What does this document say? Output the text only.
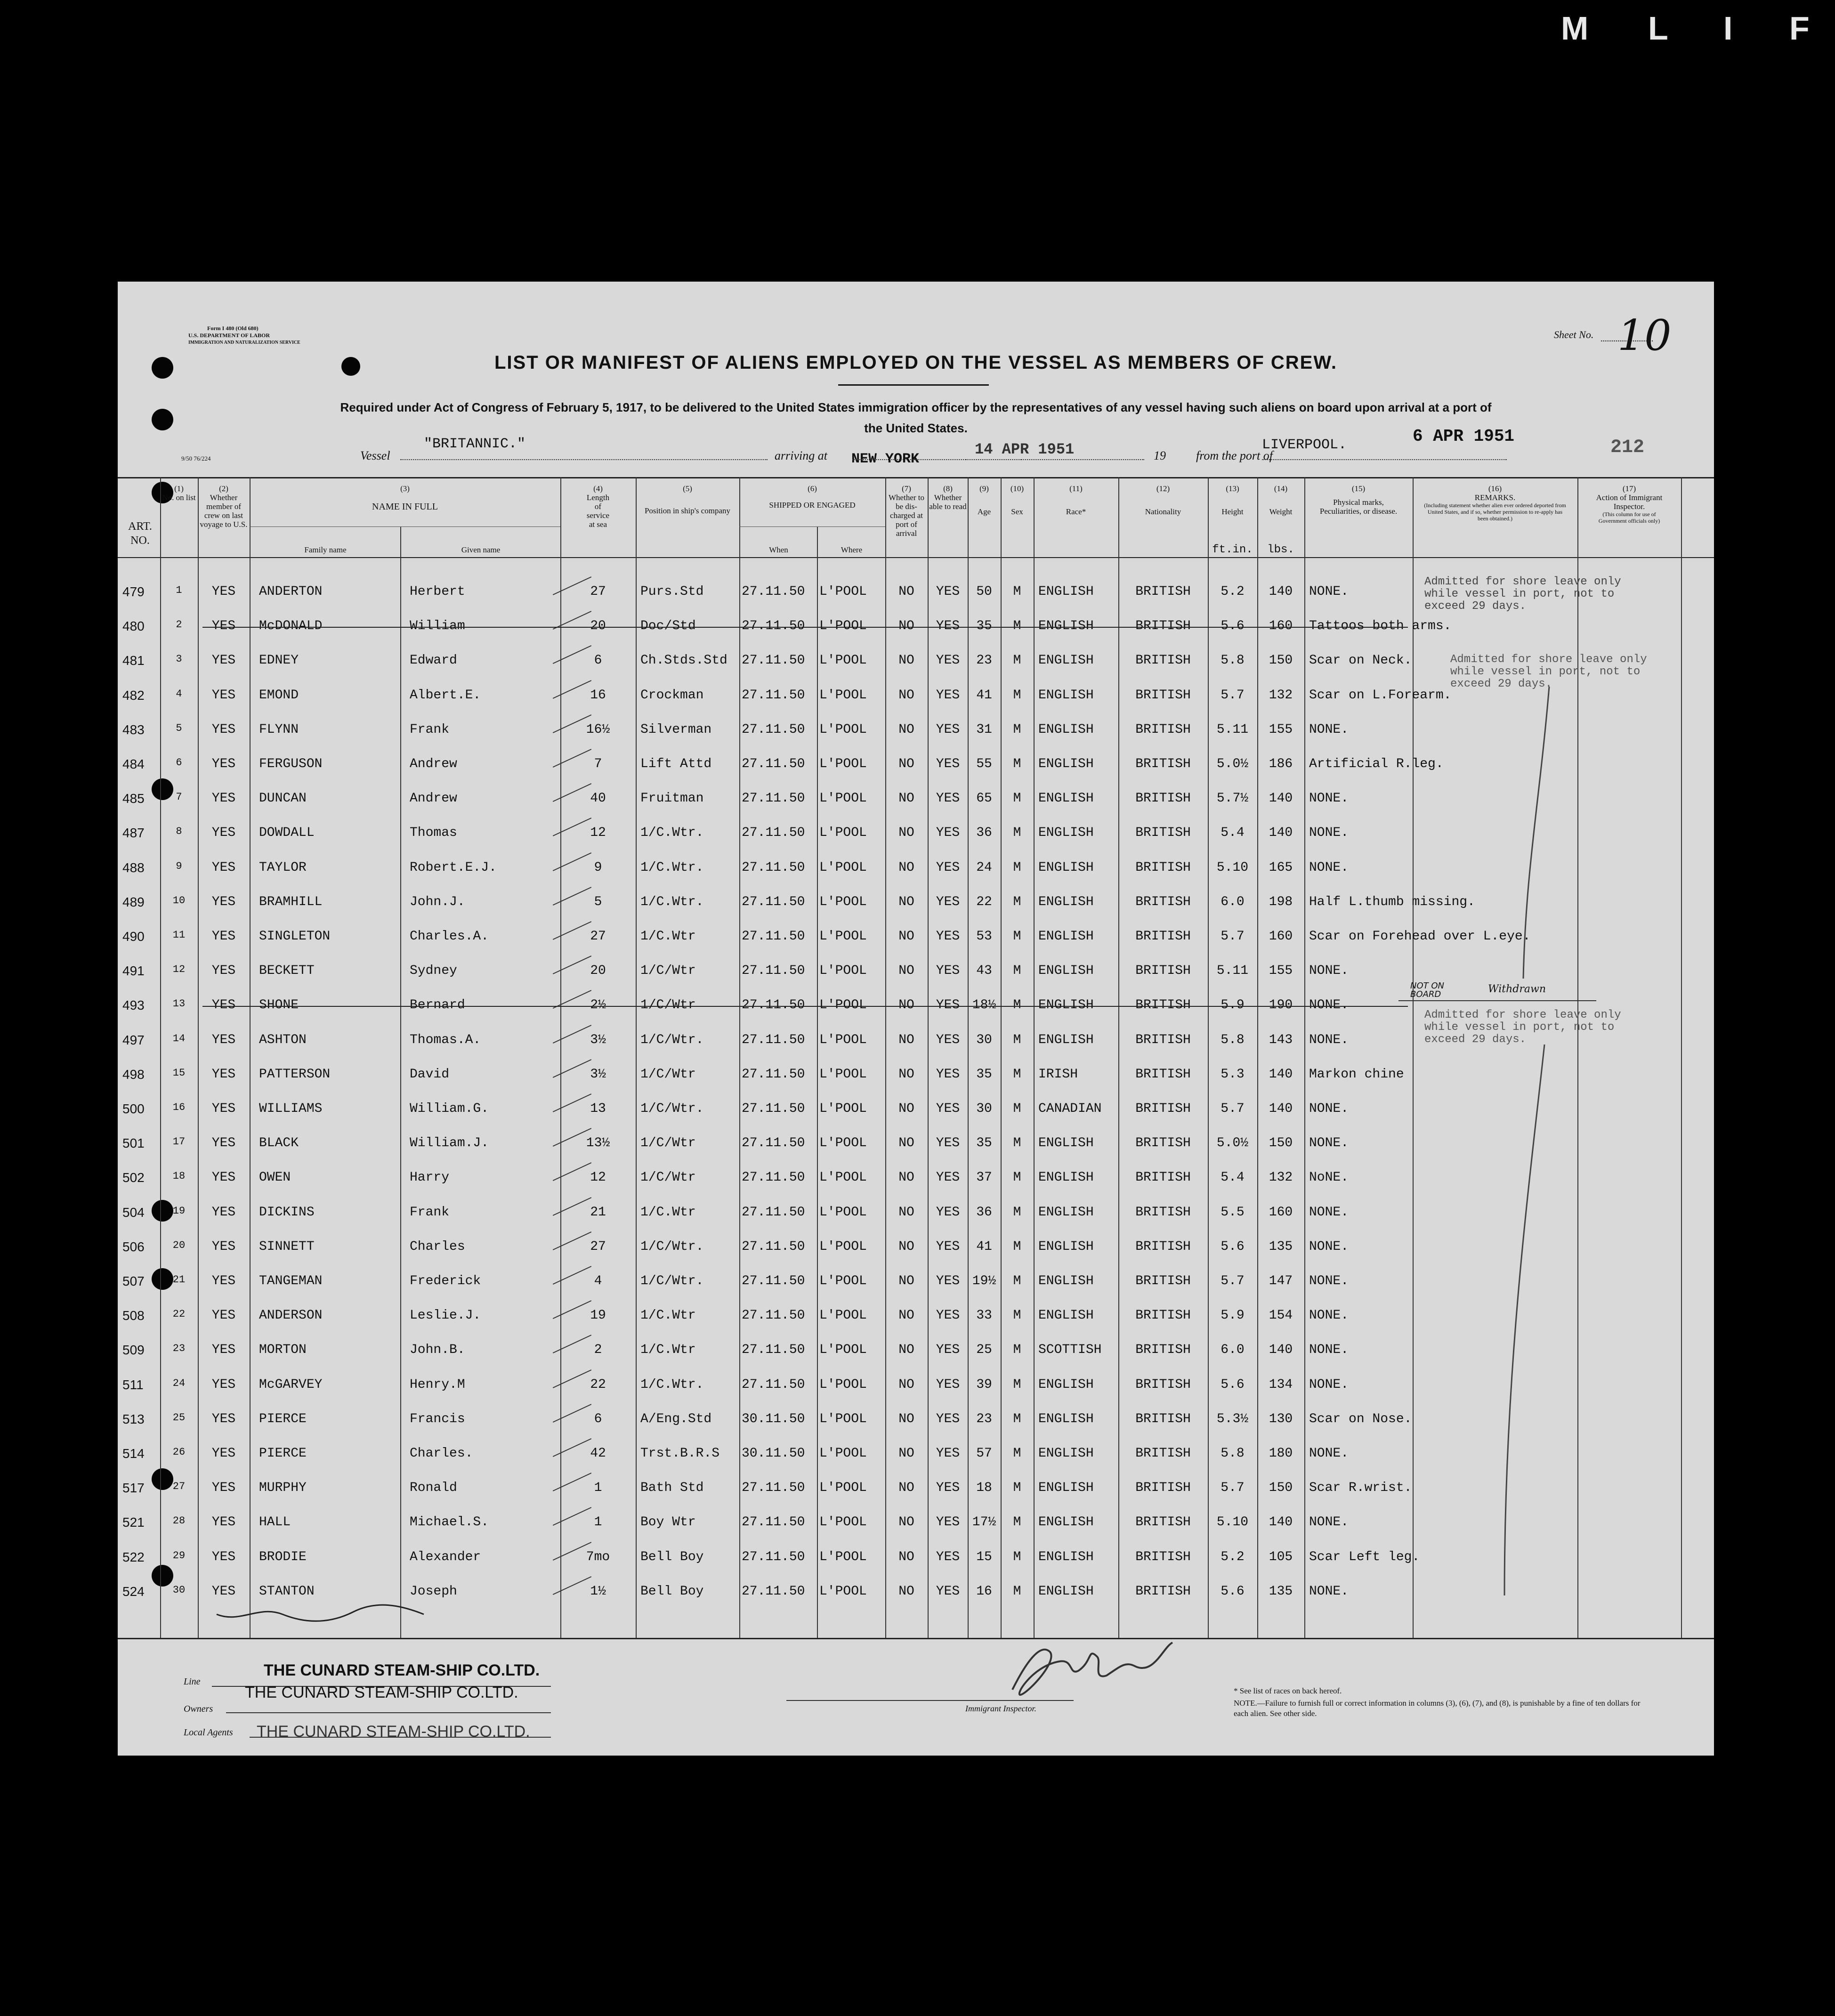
F
I
L
M
Form I 480 (Old 680)
U.S. DEPARTMENT OF LABOR
IMMIGRATION AND NATURALIZATION SERVICE
Sheet No. 10
LIST OR MANIFEST OF ALIENS EMPLOYED ON THE VESSEL AS MEMBERS OF CREW.
Required under Act of Congress of February 5, 1917, to be delivered to the United States immigration officer by the representatives of any vessel having such aliens on board upon arrival at a port of the United States.
9/50 76/224	Vessel
"BRITANNIC."
arriving at	NEW YORK
14 APR 1951	19 from the port of
LIVERPOOL.	6 APR 1951
212
ART. NO.
(1)
No. on list
(2)
Whether member of crew on last voyage to U.S.
(3)
NAME IN FULL
Family name	Given name
(4)
Length of service at sea
(5)
Position in ship's company
(6)
SHIPPED OR ENGAGED
When	Where
(7)
Whether to be dis-charged at port of arrival
(8)
Whether able to read
(9)
Age
(10)
Sex
(11)
Race*
(12)
Nationality
(13)
Height
ft.in.
(14)
Weight
lbs.
(15)
Physical marks, Peculiarities, or disease.
(16)
REMARKS.
(Including statement whether alien ever ordered deported from United States, and if so, whether permission to re-apply has been obtained.)
(17)
Action of Immigrant Inspector.
(This column for use of Government officials only)
479	1	YES	ANDERTON	Herbert	27	Purs.Std	27.11.50	L'POOL	NO	YES	50	M	ENGLISH	BRITISH	5.2	140	NONE.
480	2	YES	McDONALD	William	20	Doc/Std	27.11.50	L'POOL	NO	YES	35	M	ENGLISH	BRITISH	5.6	160	Tattoos both arms.
481	3	YES	EDNEY	Edward	6	Ch.Stds.Std	27.11.50	L'POOL	NO	YES	23	M	ENGLISH	BRITISH	5.8	150	Scar on Neck.
482	4	YES	EMOND	Albert.E.	16	Crockman	27.11.50	L'POOL	NO	YES	41	M	ENGLISH	BRITISH	5.7	132	Scar on L.Forearm.
483	5	YES	FLYNN	Frank	16½	Silverman	27.11.50	L'POOL	NO	YES	31	M	ENGLISH	BRITISH	5.11	155	NONE.
484	6	YES	FERGUSON	Andrew	7	Lift Attd	27.11.50	L'POOL	NO	YES	55	M	ENGLISH	BRITISH	5.0½	186	Artificial R.leg.
485	7	YES	DUNCAN	Andrew	40	Fruitman	27.11.50	L'POOL	NO	YES	65	M	ENGLISH	BRITISH	5.7½	140	NONE.
487	8	YES	DOWDALL	Thomas	12	1/C.Wtr.	27.11.50	L'POOL	NO	YES	36	M	ENGLISH	BRITISH	5.4	140	NONE.
488	9	YES	TAYLOR	Robert.E.J.	9	1/C.Wtr.	27.11.50	L'POOL	NO	YES	24	M	ENGLISH	BRITISH	5.10	165	NONE.
489	10	YES	BRAMHILL	John.J.	5	1/C.Wtr.	27.11.50	L'POOL	NO	YES	22	M	ENGLISH	BRITISH	6.0	198	Half L.thumb missing.
490	11	YES	SINGLETON	Charles.A.	27	1/C.Wtr	27.11.50	L'POOL	NO	YES	53	M	ENGLISH	BRITISH	5.7	160	Scar on Forehead over L.eye.
491	12	YES	BECKETT	Sydney	20	1/C/Wtr	27.11.50	L'POOL	NO	YES	43	M	ENGLISH	BRITISH	5.11	155	NONE.
493	13	YES	SHONE	Bernard	2½	1/C/Wtr	27.11.50	L'POOL	NO	YES 18½	M	ENGLISH	BRITISH	5.9	190	NONE.
497	14	YES	ASHTON	Thomas.A.	3½	1/C/Wtr.	27.11.50	L'POOL	NO	YES	30	M	ENGLISH	BRITISH	5.8	143	NONE.
498	15	YES	PATTERSON	David	3½	1/C/Wtr	27.11.50	L'POOL	NO	YES	35	M	IRISH	BRITISH	5.3	140	Markon chine
500	16	YES	WILLIAMS	William.G.	13	1/C/Wtr.	27.11.50	L'POOL	NO	YES	30	M	CANADIAN	BRITISH	5.7	140	NONE.
501	17	YES	BLACK	William.J.	13½	1/C/Wtr	27.11.50	L'POOL	NO	YES	35	M	ENGLISH	BRITISH	5.0½	150	NONE.
502	18	YES	OWEN	Harry	12	1/C/Wtr	27.11.50	L'POOL	NO	YES	37	M	ENGLISH	BRITISH	5.4	132	NoNE.
504	19	YES	DICKINS	Frank	21	1/C.Wtr	27.11.50	L'POOL	NO	YES	36	M	ENGLISH	BRITISH	5.5	160	NONE.
506	20	YES	SINNETT	Charles	27	1/C/Wtr.	27.11.50	L'POOL	NO	YES	41	M	ENGLISH	BRITISH	5.6	135	NONE.
507	21	YES	TANGEMAN	Frederick	4	1/C/Wtr.	27.11.50	L'POOL	NO	YES 19½	M	ENGLISH	BRITISH	5.7	147	NONE.
508	22	YES	ANDERSON	Leslie.J.	19	1/C.Wtr	27.11.50	L'POOL	NO	YES	33	M	ENGLISH	BRITISH	5.9	154	NONE.
509	23	YES	MORTON	John.B.	2	1/C.Wtr	27.11.50	L'POOL	NO	YES	25	M	SCOTTISH	BRITISH	6.0	140	NONE.
511	24	YES	McGARVEY	Henry.M	22	1/C.Wtr.	27.11.50	L'POOL	NO	YES	39	M	ENGLISH	BRITISH	5.6	134	NONE.
513	25	YES	PIERCE	Francis	6	A/Eng.Std	30.11.50	L'POOL	NO	YES	23	M	ENGLISH	BRITISH	5.3½	130	Scar on Nose.
514	26	YES	PIERCE	Charles.	42	Trst.B.R.S	30.11.50	L'POOL	NO	YES	57	M	ENGLISH	BRITISH	5.8	180	NONE.
517	27	YES	MURPHY	Ronald	1	Bath Std	27.11.50	L'POOL	NO	YES	18	M	ENGLISH	BRITISH	5.7	150	Scar R.wrist.
521	28	YES	HALL	Michael.S.	1	Boy Wtr	27.11.50	L'POOL	NO	YES 17½	M	ENGLISH	BRITISH	5.10	140	NONE.
522	29	YES	BRODIE	Alexander	7mo	Bell Boy	27.11.50	L'POOL	NO	YES	15	M	ENGLISH	BRITISH	5.2	105	Scar Left leg.
524	30	YES	STANTON	Joseph	1½	Bell Boy	27.11.50	L'POOL	NO	YES	16	M	ENGLISH	BRITISH	5.6	135	NONE.
Admitted for shore leave only while vessel in port, not to exceed 29 days.
Admitted for shore leave only while vessel in port, not to exceed 29 days.
Admitted for shore leave only while vessel in port, not to exceed 29 days.
NOT ON BOARD	Withdrawn
THE CUNARD STEAM-SHIP CO.LTD.
Line
THE CUNARD STEAM-SHIP CO.LTD.
Owners
Local Agents THE CUNARD STEAM-SHIP CO.LTD.
Immigrant Inspector.
* See list of races on back hereof.
NOTE.—Failure to furnish full or correct information in columns (3), (6), (7), and (8), is punishable by a fine of ten dollars for each alien. See other side.
